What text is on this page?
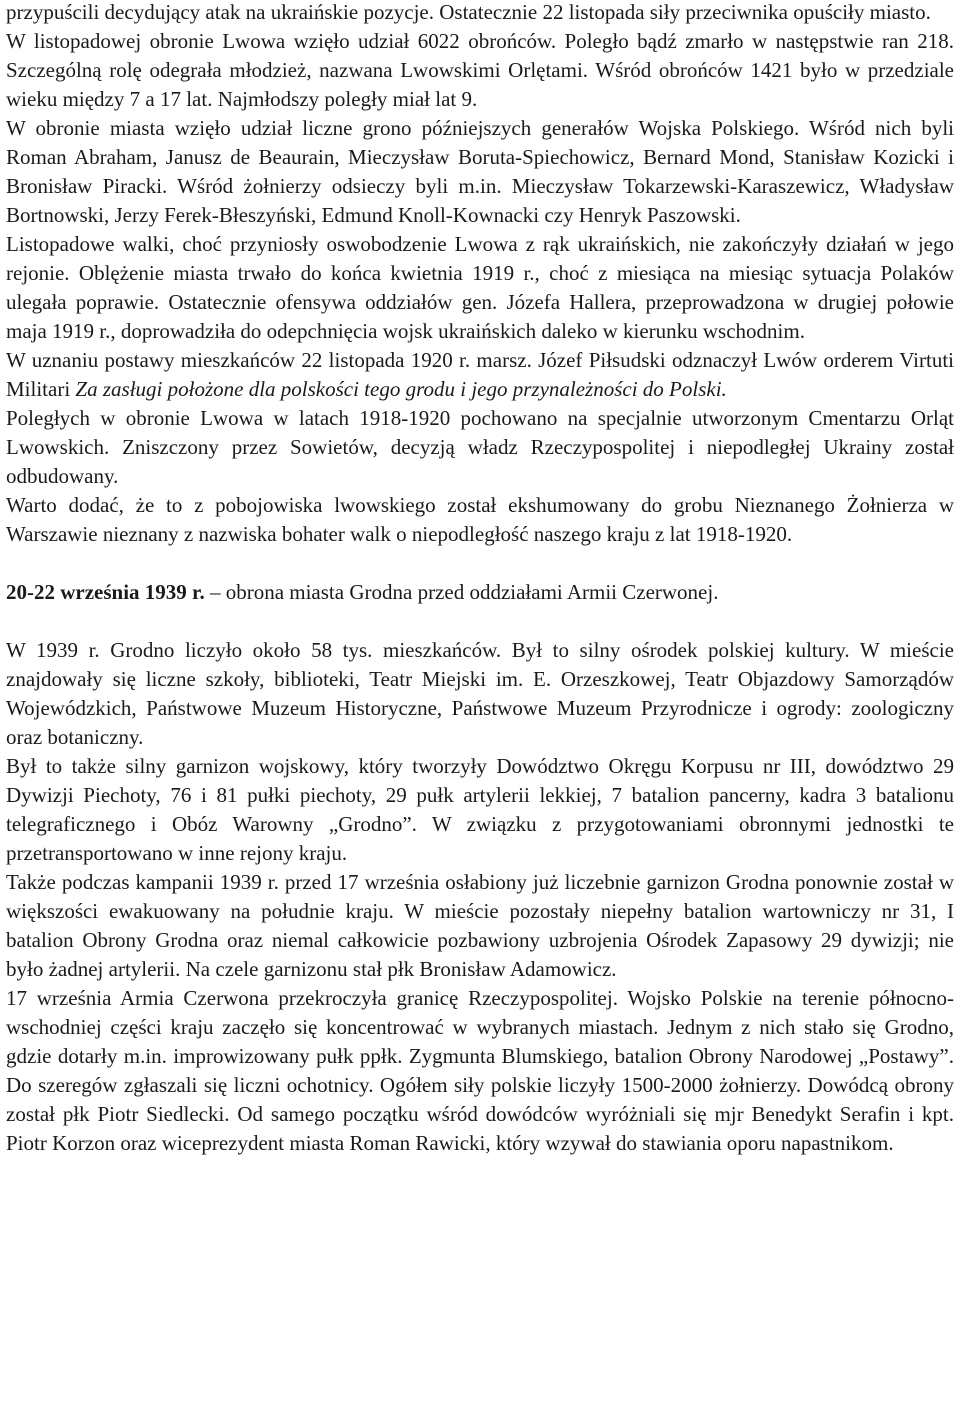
przypuścili decydujący atak na ukraińskie pozycje. Ostatecznie 22 listopada siły przeciwnika opuściły miasto.

W listopadowej obronie Lwowa wzięło udział 6022 obrońców. Poległo bądź zmarło w następstwie ran 218. Szczególną rolę odegrała młodzież, nazwana Lwowskimi Orlętami. Wśród obrońców 1421 było w przedziale wieku między 7 a 17 lat. Najmłodszy poległy miał lat 9.

W obronie miasta wzięło udział liczne grono późniejszych generałów Wojska Polskiego. Wśród nich byli Roman Abraham, Janusz de Beaurain, Mieczysław Boruta-Spiechowicz, Bernard Mond, Stanisław Kozicki i Bronisław Piracki. Wśród żołnierzy odsieczy byli m.in. Mieczysław Tokarzewski-Karaszewicz, Władysław Bortnowski, Jerzy Ferek-Błeszyński, Edmund Knoll-Kownacki czy Henryk Paszowski.

Listopadowe walki, choć przyniosły oswobodzenie Lwowa z rąk ukraińskich, nie zakończyły działań w jego rejonie. Oblężenie miasta trwało do końca kwietnia 1919 r., choć z miesiąca na miesiąc sytuacja Polaków ulegała poprawie. Ostatecznie ofensywa oddziałów gen. Józefa Hallera, przeprowadzona w drugiej połowie maja 1919 r., doprowadziła do odepchnięcia wojsk ukraińskich daleko w kierunku wschodnim.

W uznaniu postawy mieszkańców 22 listopada 1920 r. marsz. Józef Piłsudski odznaczył Lwów orderem Virtuti Militari Za zasługi położone dla polskości tego grodu i jego przynależności do Polski.

Poległych w obronie Lwowa w latach 1918-1920 pochowano na specjalnie utworzonym Cmentarzu Orląt Lwowskich. Zniszczony przez Sowietów, decyzją władz Rzeczypospolitej i niepodległej Ukrainy został odbudowany.

Warto dodać, że to z pobojowiska lwowskiego został ekshumowany do grobu Nieznanego Żołnierza w Warszawie nieznany z nazwiska bohater walk o niepodległość naszego kraju z lat 1918-1920.

20-22 września 1939 r. – obrona miasta Grodna przed oddziałami Armii Czerwonej.

W 1939 r. Grodno liczyło około 58 tys. mieszkańców. Był to silny ośrodek polskiej kultury. W mieście znajdowały się liczne szkoły, biblioteki, Teatr Miejski im. E. Orzeszkowej, Teatr Objazdowy Samorządów Wojewódzkich, Państwowe Muzeum Historyczne, Państwowe Muzeum Przyrodnicze i ogrody: zoologiczny oraz botaniczny.

Był to także silny garnizon wojskowy, który tworzyły Dowództwo Okręgu Korpusu nr III, dowództwo 29 Dywizji Piechoty, 76 i 81 pułki piechoty, 29 pułk artylerii lekkiej, 7 batalion pancerny, kadra 3 batalionu telegraficznego i Obóz Warowny „Grodno”. W związku z przygotowaniami obronnymi jednostki te przetransportowano w inne rejony kraju.

Także podczas kampanii 1939 r. przed 17 września osłabiony już liczebnie garnizon Grodna ponownie został w większości ewakuowany na południe kraju. W mieście pozostały niepełny batalion wartowniczy nr 31, I batalion Obrony Grodna oraz niemal całkowicie pozbawiony uzbrojenia Ośrodek Zapasowy 29 dywizji; nie było żadnej artylerii. Na czele garnizonu stał płk Bronisław Adamowicz.

17 września Armia Czerwona przekroczyła granicę Rzeczypospolitej. Wojsko Polskie na terenie północno-wschodniej części kraju zaczęło się koncentrować w wybranych miastach. Jednym z nich stało się Grodno, gdzie dotarły m.in. improwizowany pułk ppłk. Zygmunta Blumskiego, batalion Obrony Narodowej „Postawy”. Do szeregów zgłaszali się liczni ochotnicy. Ogółem siły polskie liczyły 1500-2000 żołnierzy. Dowódcą obrony został płk Piotr Siedlecki. Od samego początku wśród dowódców wyróżniali się mjr Benedykt Serafin i kpt. Piotr Korzon oraz wiceprezydent miasta Roman Rawicki, który wzywał do stawiania oporu napastnikom.
